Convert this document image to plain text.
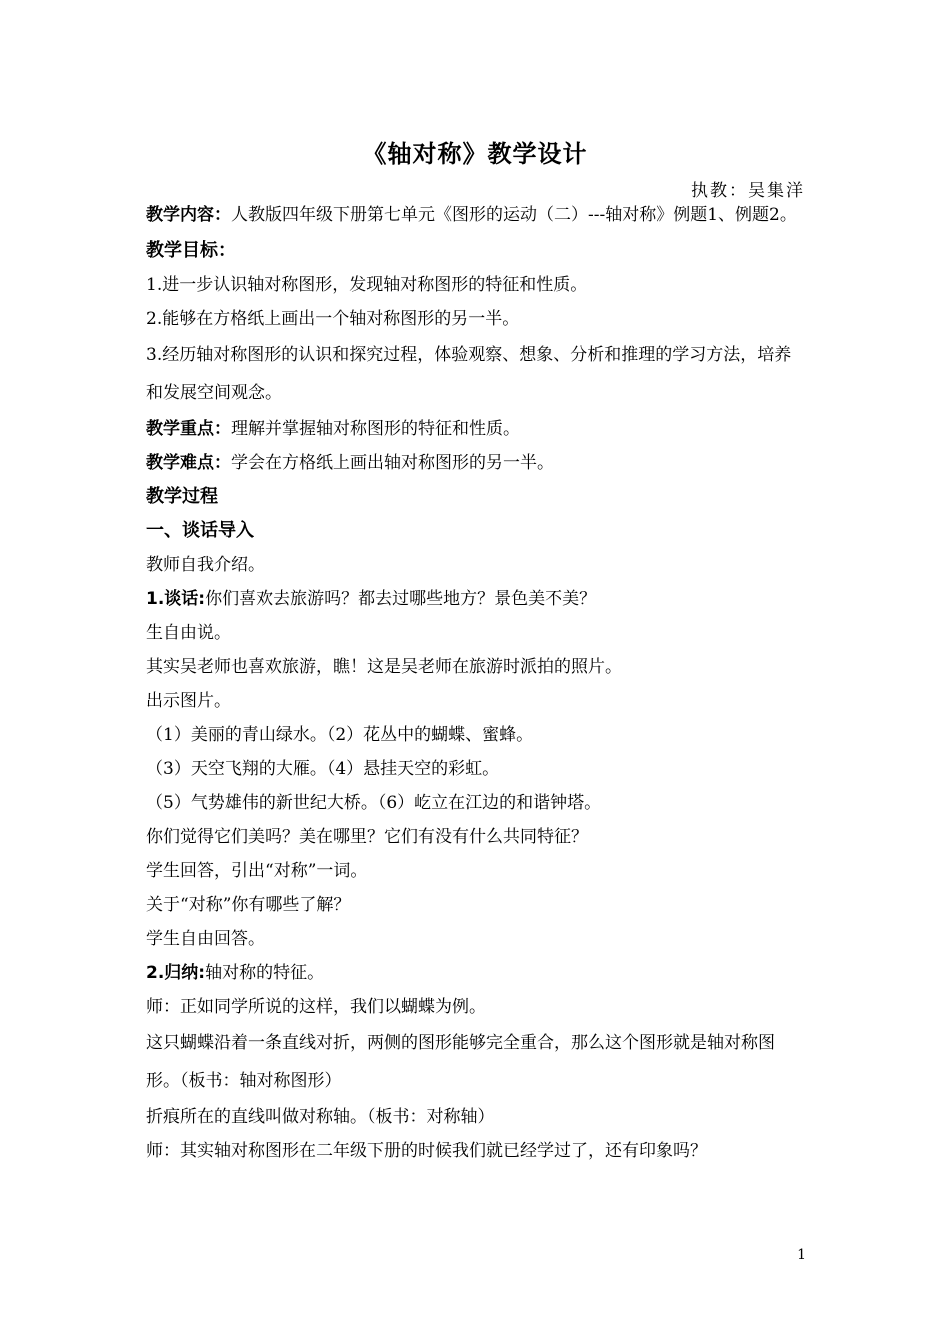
《轴对称》教学设计
执教：吴集洋
教学内容：人教版四年级下册第七单元《图形的运动（二）---轴对称》例题1、例题2。
教学目标：
1.进一步认识轴对称图形，发现轴对称图形的特征和性质。
2.能够在方格纸上画出一个轴对称图形的另一半。
3.经历轴对称图形的认识和探究过程，体验观察、想象、分析和推理的学习方法，培养和发展空间观念。
教学重点：理解并掌握轴对称图形的特征和性质。
教学难点：学会在方格纸上画出轴对称图形的另一半。
教学过程
一、谈话导入
教师自我介绍。
1.谈话:你们喜欢去旅游吗？都去过哪些地方？景色美不美？
生自由说。
其实吴老师也喜欢旅游，瞧！这是吴老师在旅游时派拍的照片。
出示图片。
（1）美丽的青山绿水。（2）花丛中的蝴蝶、蜜蜂。
（3）天空飞翔的大雁。（4）悬挂天空的彩虹。
（5）气势雄伟的新世纪大桥。（6）屹立在江边的和谐钟塔。
你们觉得它们美吗？美在哪里？它们有没有什么共同特征？
学生回答，引出“对称”一词。
关于“对称”你有哪些了解？
学生自由回答。
2.归纳:轴对称的特征。
师：正如同学所说的这样，我们以蝴蝶为例。
这只蝴蝶沿着一条直线对折，两侧的图形能够完全重合，那么这个图形就是轴对称图形。（板书：轴对称图形）
折痕所在的直线叫做对称轴。（板书：对称轴）
师：其实轴对称图形在二年级下册的时候我们就已经学过了，还有印象吗？
1
